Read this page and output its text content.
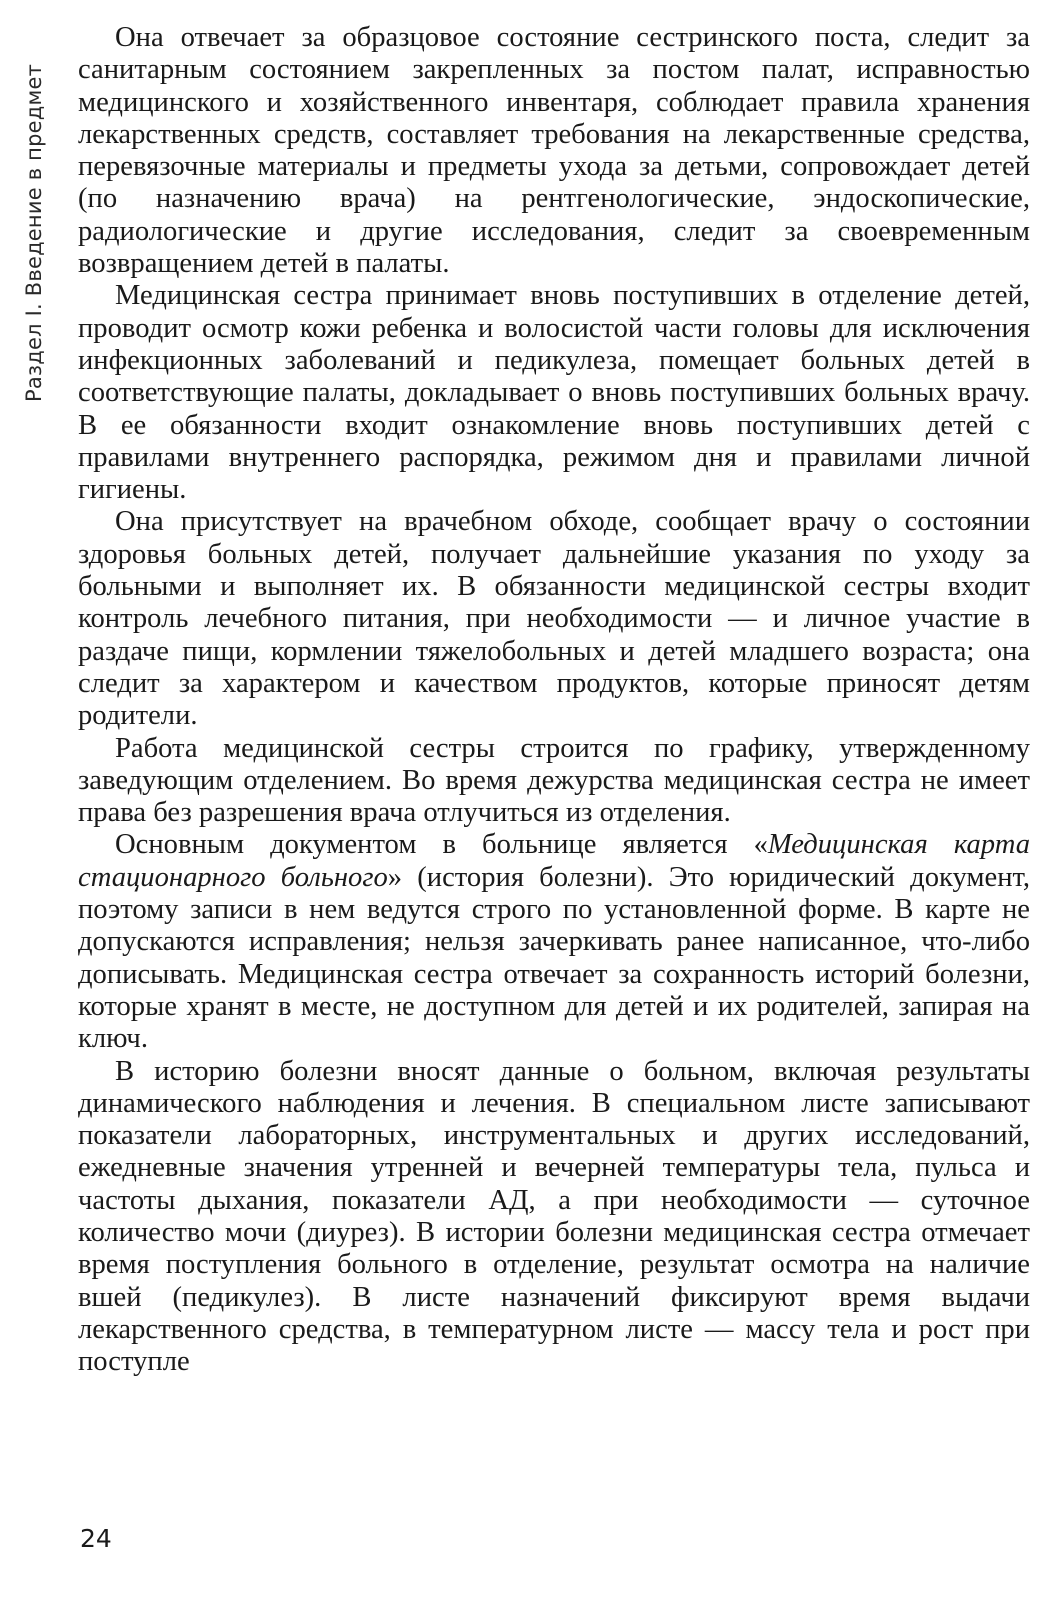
Раздел I. Введение в предмет

Она отвечает за образцовое состояние сестринского поста, следит за санитарным состоянием закрепленных за постом палат, исправностью медицинского и хозяйственного инвентаря, соблюдает правила хранения лекарственных средств, составляет требования на лекарственные средства, перевязочные материалы и предметы ухода за детьми, сопровождает детей (по назначению врача) на рентгенологические, эндоскопические, радиологические и другие исследования, следит за своевременным возвращением детей в палаты.

Медицинская сестра принимает вновь поступивших в отделение детей, проводит осмотр кожи ребенка и волосистой части головы для исключения инфекционных заболеваний и педикулеза, помещает больных детей в соответствующие палаты, докладывает о вновь поступивших больных врачу. В ее обязанности входит ознакомление вновь поступивших детей с правилами внутреннего распорядка, режимом дня и правилами личной гигиены.

Она присутствует на врачебном обходе, сообщает врачу о состоянии здоровья больных детей, получает дальнейшие указания по уходу за больными и выполняет их. В обязанности медицинской сестры входит контроль лечебного питания, при необходимости — и личное участие в раздаче пищи, кормлении тяжелобольных и детей младшего возраста; она следит за характером и качеством продуктов, которые приносят детям родители.

Работа медицинской сестры строится по графику, утвержденному заведующим отделением. Во время дежурства медицинская сестра не имеет права без разрешения врача отлучиться из отделения.

Основным документом в больнице является «Медицинская карта стационарного больного» (история болезни). Это юридический документ, поэтому записи в нем ведутся строго по установленной форме. В карте не допускаются исправления; нельзя зачеркивать ранее написанное, что-либо дописывать. Медицинская сестра отвечает за сохранность историй болезни, которые хранят в месте, не доступном для детей и их родителей, запирая на ключ.

В историю болезни вносят данные о больном, включая результаты динамического наблюдения и лечения. В специальном листе записывают показатели лабораторных, инструментальных и других исследований, ежедневные значения утренней и вечерней температуры тела, пульса и частоты дыхания, показатели АД, а при необходимости — суточное количество мочи (диурез). В истории болезни медицинская сестра отмечает время поступления больного в отделение, результат осмотра на наличие вшей (педикулез). В листе назначений фиксируют время выдачи лекарственного средства, в температурном листе — массу тела и рост при поступле

24
